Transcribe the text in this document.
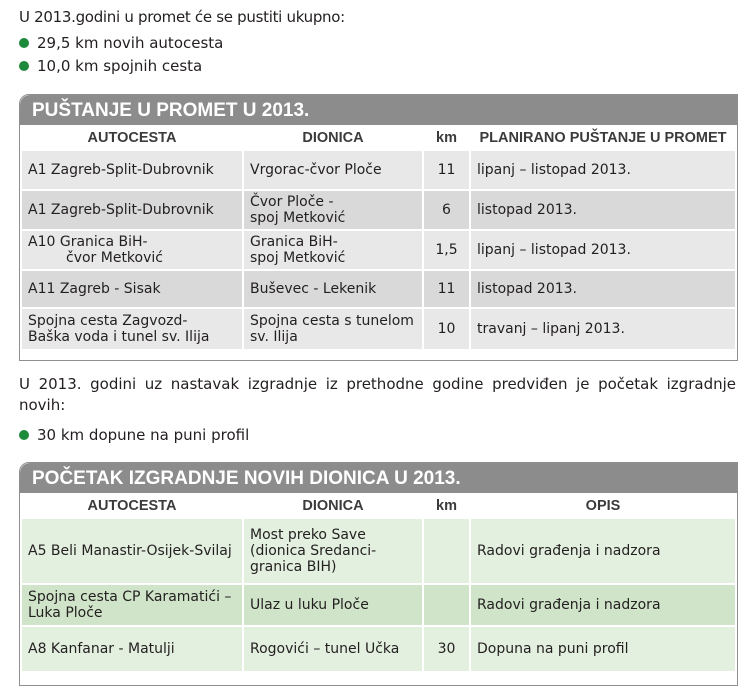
U 2013.godini u promet će se pustiti ukupno:
29,5 km novih autocesta
10,0 km spojnih cesta
PUŠTANJE U PROMET U 2013.
AUTOCESTA	DIONICA	km	PLANIRANO PUŠTANJE U PROMET
A1 Zagreb-Split-Dubrovnik	Vrgorac-čvor Ploče	11	lipanj – listopad 2013.
A1 Zagreb-Split-Dubrovnik	Čvor Ploče -
spoj Metković	6	listopad 2013.
A10 Granica BiH-
čvor Metković	Granica BiH-
spoj Metković	1,5	lipanj – listopad 2013.
A11 Zagreb - Sisak	Buševec - Lekenik	11	listopad 2013.
Spojna cesta Zagvozd-
Baška voda i tunel sv. Ilija	Spojna cesta s tunelom
sv. Ilija	10	travanj – lipanj 2013.
U 2013. godini uz nastavak izgradnje iz prethodne godine predviđen je početak izgradnje novih:
30 km dopune na puni profil
POČETAK IZGRADNJE NOVIH DIONICA U 2013.
AUTOCESTA	DIONICA	km	OPIS
A5 Beli Manastir-Osijek-Svilaj	Most preko Save
(dionica Sredanci-
granica BIH)		Radovi građenja i nadzora
Spojna cesta CP Karamatići –
Luka Ploče	Ulaz u luku Ploče		Radovi građenja i nadzora
A8 Kanfanar - Matulji	Rogovići – tunel Učka	30	Dopuna na puni profil
